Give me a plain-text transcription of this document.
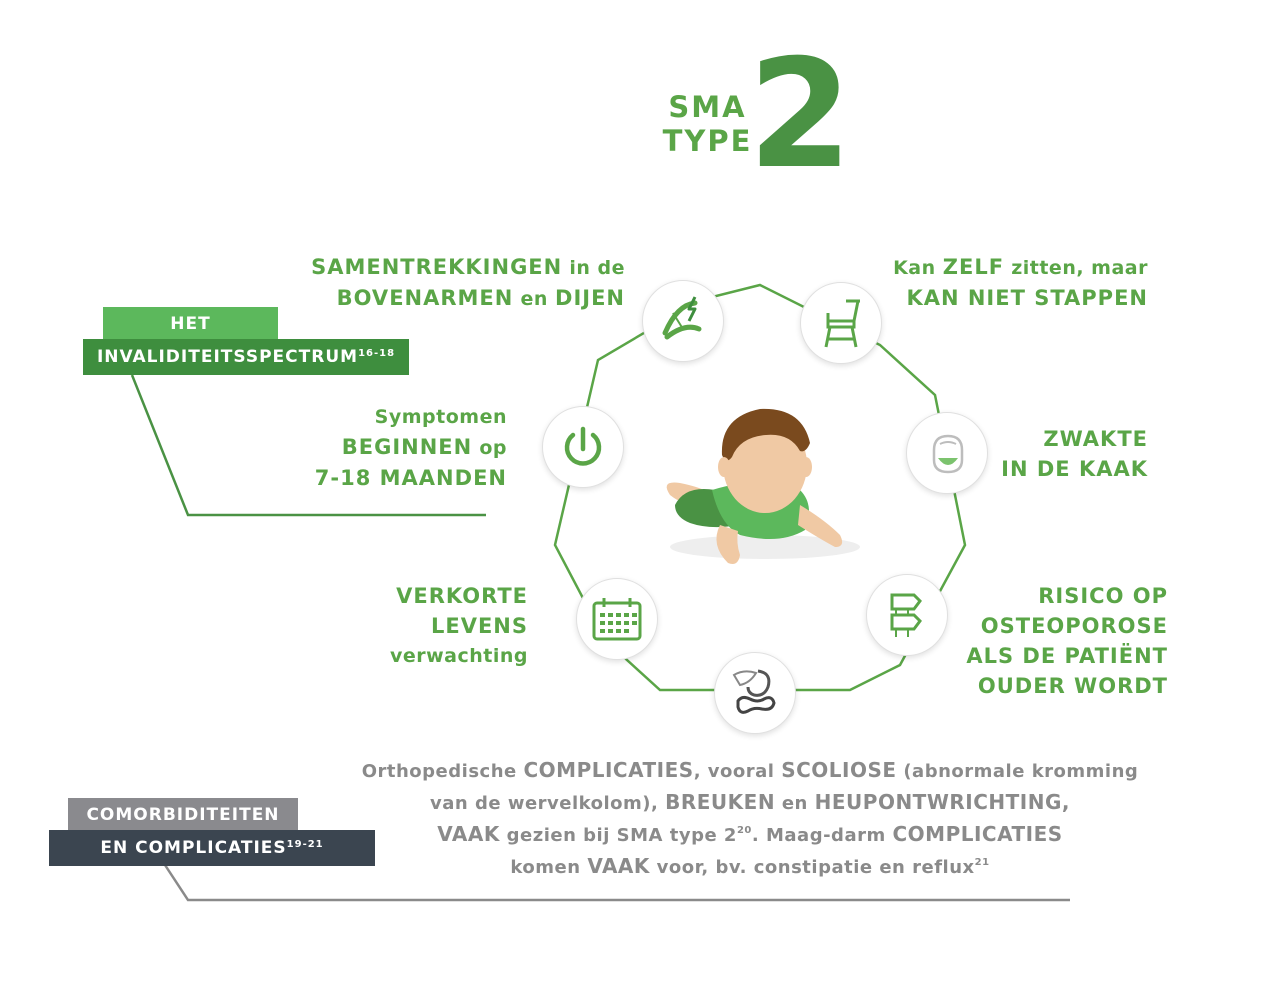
SMA
TYPE
2
HET
INVALIDITEITSSPECTRUM$^{16-18}$
COMORBIDITEITEN
EN COMPLICATIES$^{19-21}$
SAMENTREKKINGEN in de
BOVENARMEN en DIJEN
Kan ZELF zitten, maar
KAN NIET STAPPEN
Symptomen
BEGINNEN op
7-18 MAANDEN
ZWAKTE
IN DE KAAK
VERKORTE
LEVENS
verwachting
RISICO OP
OSTEOPOROSE
ALS DE PATIËNT
OUDER WORDT
Orthopedische COMPLICATIES, vooral SCOLIOSE (abnormale kromming
van de wervelkolom), BREUKEN en HEUPONTWRICHTING,
VAAK gezien bij SMA type $2^{20}$. Maag-darm COMPLICATIES
komen VAAK voor, bv. constipatie en reflux$^{21}$
